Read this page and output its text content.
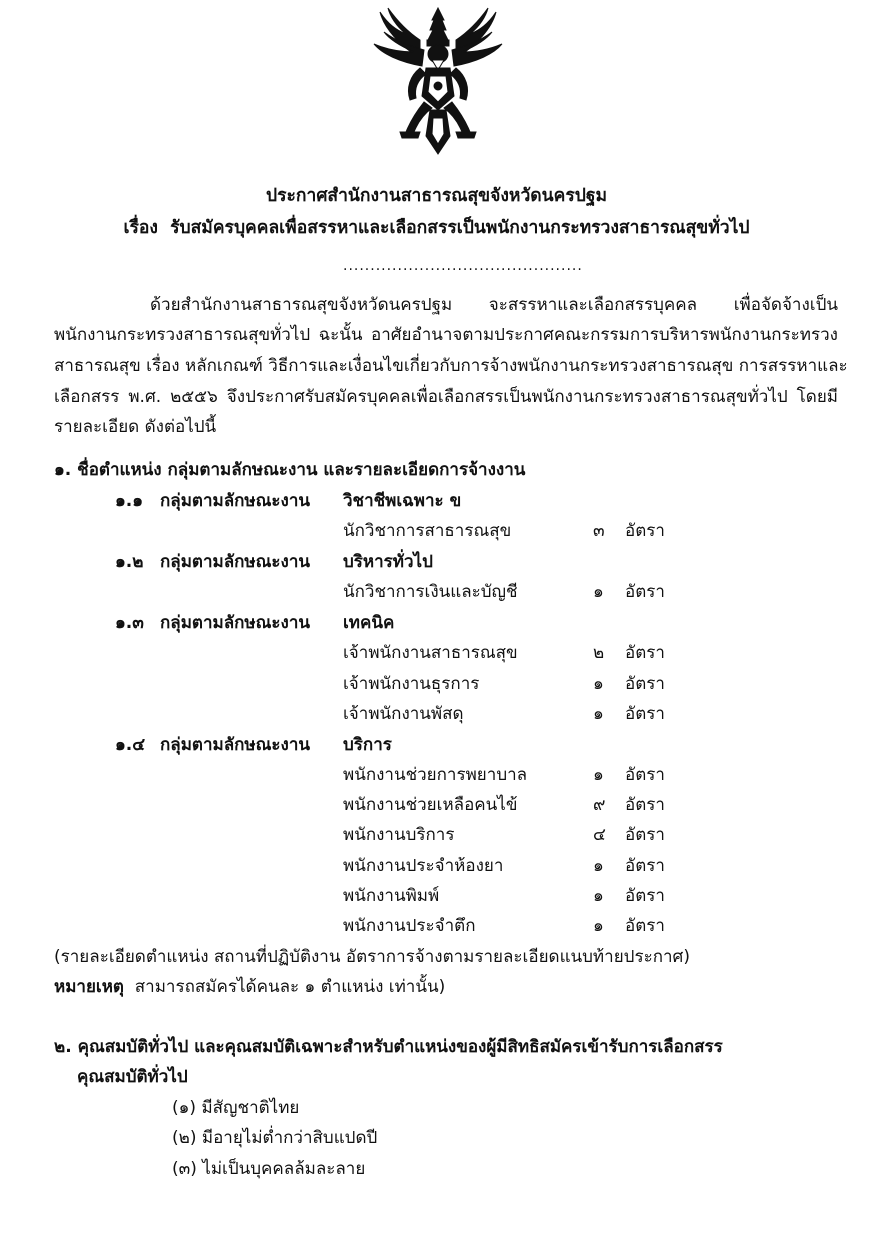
ประกาศสำนักงานสาธารณสุขจังหวัดนครปฐม
เรื่อง รับสมัครบุคคลเพื่อสรรหาและเลือกสรรเป็นพนักงานกระทรวงสาธารณสุขทั่วไป
............................................
ด้วยสำนักงานสาธารณสุขจังหวัดนครปฐม จะสรรหาและเลือกสรรบุคคล เพื่อจัดจ้างเป็น
พนักงานกระทรวงสาธารณสุขทั่วไป ฉะนั้น อาศัยอำนาจตามประกาศคณะกรรมการบริหารพนักงานกระทรวง
สาธารณสุข เรื่อง หลักเกณฑ์ วิธีการและเงื่อนไขเกี่ยวกับการจ้างพนักงานกระทรวงสาธารณสุข การสรรหาและ
เลือกสรร พ.ศ. ๒๕๕๖ จึงประกาศรับสมัครบุคคลเพื่อเลือกสรรเป็นพนักงานกระทรวงสาธารณสุขทั่วไป โดยมี
รายละเอียด ดังต่อไปนี้
๑. ชื่อตำแหน่ง กลุ่มตามลักษณะงาน และรายละเอียดการจ้างงาน
๑.๑ กลุ่มตามลักษณะงาน วิชาชีพเฉพาะ ข
นักวิชาการสาธารณสุข	๓ อัตรา
๑.๒ กลุ่มตามลักษณะงาน บริหารทั่วไป
นักวิชาการเงินและบัญชี	๑ อัตรา
๑.๓ กลุ่มตามลักษณะงาน เทคนิค
เจ้าพนักงานสาธารณสุข	๒ อัตรา
เจ้าพนักงานธุรการ	๑ อัตรา
เจ้าพนักงานพัสดุ	๑ อัตรา
๑.๔ กลุ่มตามลักษณะงาน บริการ
พนักงานช่วยการพยาบาล	๑ อัตรา
พนักงานช่วยเหลือคนไข้	๙ อัตรา
พนักงานบริการ	๔ อัตรา
พนักงานประจำห้องยา	๑ อัตรา
พนักงานพิมพ์	๑ อัตรา
พนักงานประจำตึก	๑ อัตรา
(รายละเอียดตำแหน่ง สถานที่ปฏิบัติงาน อัตราการจ้างตามรายละเอียดแนบท้ายประกาศ)
หมายเหตุ สามารถสมัครได้คนละ ๑ ตำแหน่ง เท่านั้น)
๒. คุณสมบัติทั่วไป และคุณสมบัติเฉพาะสำหรับตำแหน่งของผู้มีสิทธิสมัครเข้ารับการเลือกสรร
คุณสมบัติทั่วไป
(๑) มีสัญชาติไทย
(๒) มีอายุไม่ต่ำกว่าสิบแปดปี
(๓) ไม่เป็นบุคคลล้มละลาย
